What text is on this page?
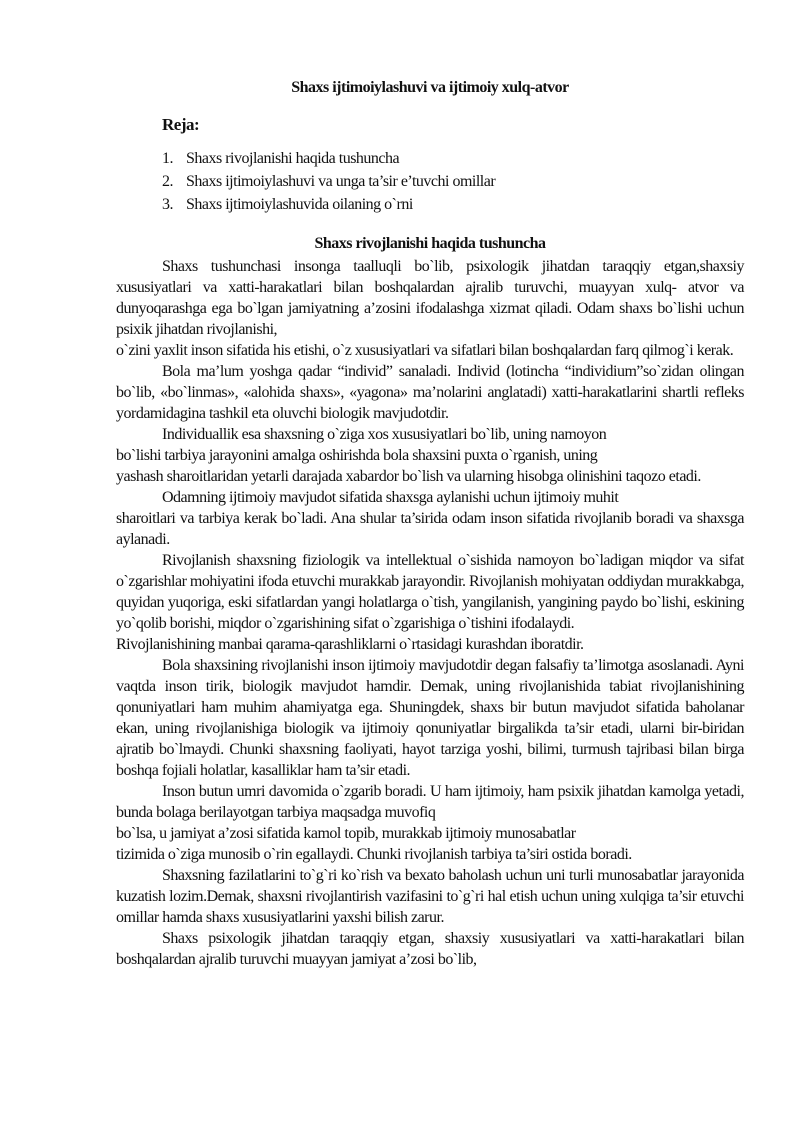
Shaxs ijtimoiylashuvi va ijtimoiy xulq-atvor
Reja:
1. Shaxs rivojlanishi haqida tushuncha
2. Shaxs ijtimoiylashuvi va unga ta’sir e’tuvchi omillar
3. Shaxs ijtimoiylashuvida oilaning o`rni
Shaxs rivojlanishi haqida tushuncha

Shaxs tushunchasi insonga taalluqli bo`lib, psixologik jihatdan taraqqiy etgan,shaxsiy xususiyatlari va xatti-harakatlari bilan boshqalardan ajralib turuvchi, muayyan xulq- atvor va dunyoqarashga ega bo`lgan jamiyatning a’zosini ifodalashga xizmat qiladi. Odam shaxs bo`lishi uchun psixik jihatdan rivojlanishi,

o`zini yaxlit inson sifatida his etishi, o`z xususiyatlari va sifatlari bilan boshqalardan farq qilmog`i kerak.

Bola ma’lum yoshga qadar “individ” sanaladi. Individ (lotincha “individium”so`zidan olingan bo`lib, «bo`linmas», «alohida shaxs», «yagona» ma’nolarini anglatadi) xatti-harakatlarini shartli refleks yordamidagina tashkil eta oluvchi biologik mavjudotdir.

Individuallik esa shaxsning o`ziga xos xususiyatlari bo`lib, uning namoyon

bo`lishi tarbiya jarayonini amalga oshirishda bola shaxsini puxta o`rganish, uning

yashash sharoitlaridan yetarli darajada xabardor bo`lish va ularning hisobga olinishini taqozo etadi.

Odamning ijtimoiy mavjudot sifatida shaxsga aylanishi uchun ijtimoiy muhit

sharoitlari va tarbiya kerak bo`ladi. Ana shular ta’sirida odam inson sifatida rivojlanib boradi va shaxsga aylanadi.

Rivojlanish shaxsning fiziologik va intellektual o`sishida namoyon bo`ladigan miqdor va sifat o`zgarishlar mohiyatini ifoda etuvchi murakkab jarayondir. Rivojlanish mohiyatan oddiydan murakkabga, quyidan yuqoriga, eski sifatlardan yangi holatlarga o`tish, yangilanish, yangining paydo bo`lishi, eskining yo`qolib borishi, miqdor o`zgarishining sifat o`zgarishiga o`tishini ifodalaydi.

Rivojlanishining manbai qarama-qarashliklarni o`rtasidagi kurashdan iboratdir.

Bola shaxsining rivojlanishi inson ijtimoiy mavjudotdir degan falsafiy ta’limotga asoslanadi. Ayni vaqtda inson tirik, biologik mavjudot hamdir. Demak, uning rivojlanishida tabiat rivojlanishining qonuniyatlari ham muhim ahamiyatga ega. Shuningdek, shaxs bir butun mavjudot sifatida baholanar ekan, uning rivojlanishiga biologik va ijtimoiy qonuniyatlar birgalikda ta’sir etadi, ularni bir-biridan ajratib bo`lmaydi. Chunki shaxsning faoliyati, hayot tarziga yoshi, bilimi, turmush tajribasi bilan birga boshqa fojiali holatlar, kasalliklar ham ta’sir etadi.

Inson butun umri davomida o`zgarib boradi. U ham ijtimoiy, ham psixik jihatdan kamolga yetadi, bunda bolaga berilayotgan tarbiya maqsadga muvofiq

bo`lsa, u jamiyat a’zosi sifatida kamol topib, murakkab ijtimoiy munosabatlar

tizimida o`ziga munosib o`rin egallaydi. Chunki rivojlanish tarbiya ta’siri ostida boradi.

Shaxsning fazilatlarini to`g`ri ko`rish va bexato baholash uchun uni turli munosabatlar jarayonida kuzatish lozim.Demak, shaxsni rivojlantirish vazifasini to`g`ri hal etish uchun uning xulqiga ta’sir etuvchi omillar hamda shaxs xususiyatlarini yaxshi bilish zarur.

Shaxs psixologik jihatdan taraqqiy etgan, shaxsiy xususiyatlari va xatti-harakatlari bilan boshqalardan ajralib turuvchi muayyan jamiyat a’zosi bo`lib,
